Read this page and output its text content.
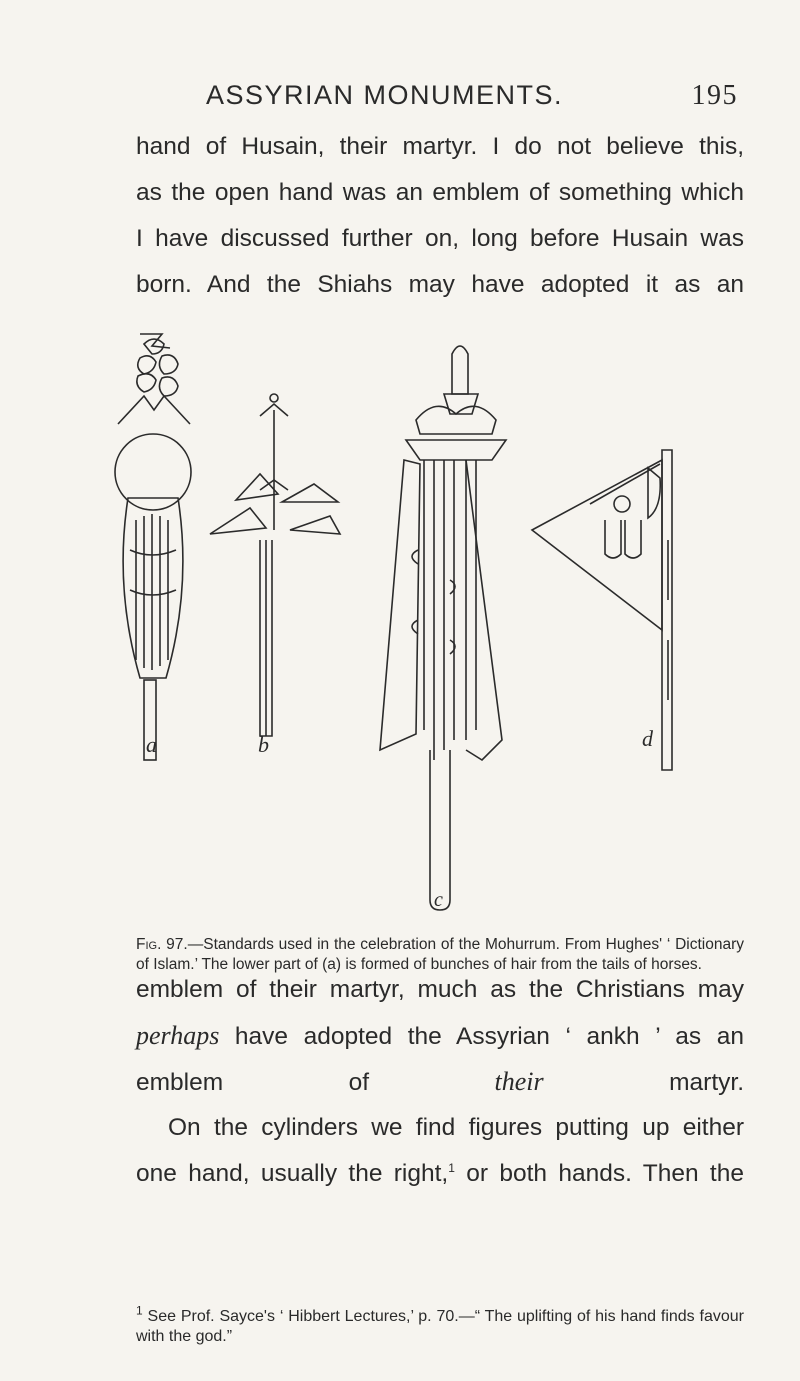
ASSYRIAN MONUMENTS.	195
hand of Husain, their martyr. I do not believe this,
as the open hand was an emblem of something which
I have discussed further on, long before Husain was
born. And the Shiahs may have adopted it as an
a	b
c
d
Fig. 97.—Standards used in the celebration of the Mohurrum. From Hughes' ‘ Dictionary of Islam.’ The lower part of (a) is formed of bunches of hair from the tails of horses.
emblem of their martyr, much as the Christians may
perhaps have adopted the Assyrian ‘ ankh ’ as an
emblem of their martyr.
On the cylinders we find figures putting up either
one hand, usually the right,$^1$ or both hands. Then the
$^1$ See Prof. Sayce's ‘ Hibbert Lectures,’ p. 70.—“ The uplifting of his hand finds favour with the god.”
